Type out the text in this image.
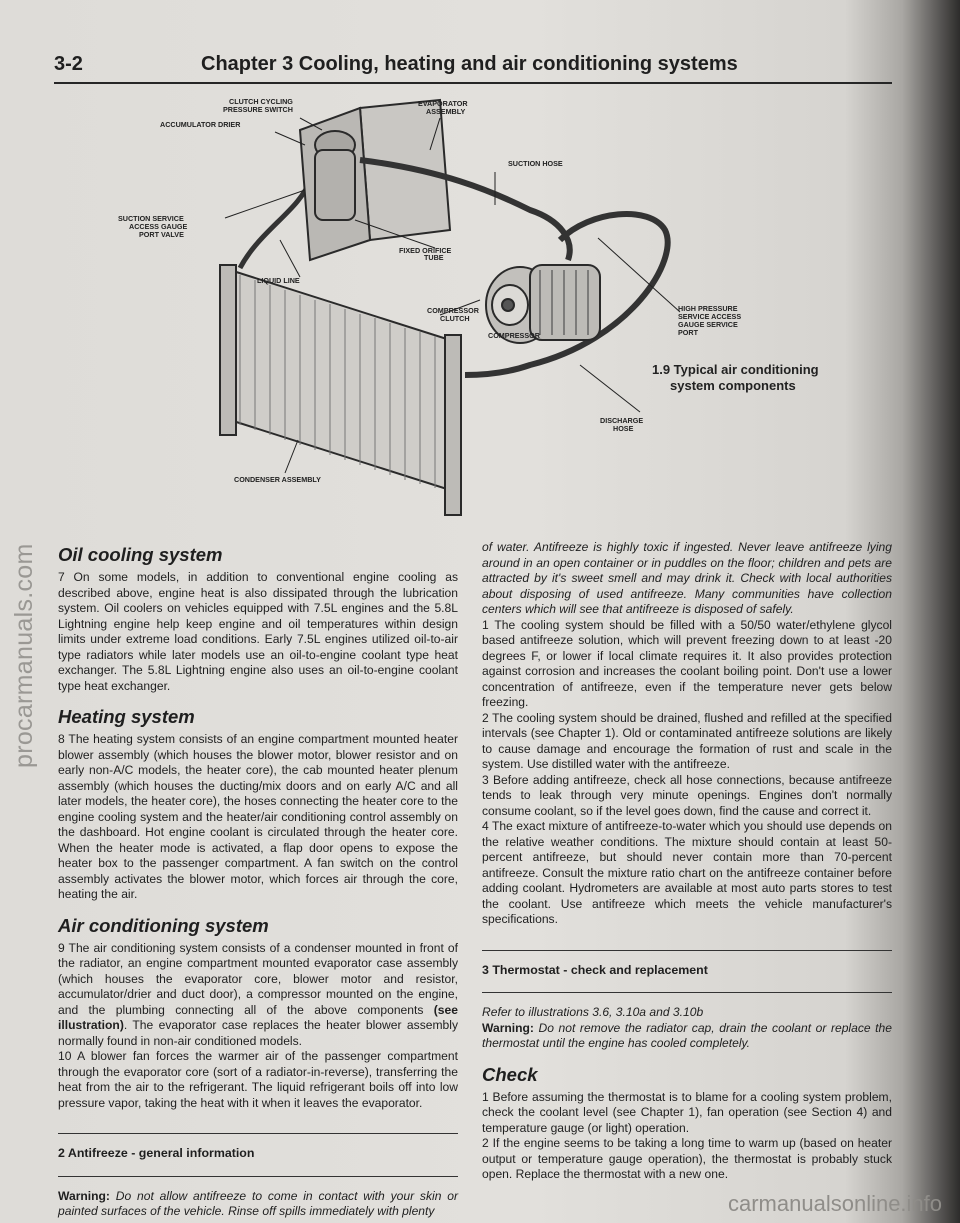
3-2	Chapter 3 Cooling, heating and air conditioning systems
CLUTCH CYCLING
PRESSURE SWITCH
ACCUMULATOR DRIER
EVAPORATOR
ASSEMBLY
SUCTION HOSE
SUCTION SERVICE
ACCESS GAUGE
PORT VALVE
FIXED ORIFICE
TUBE
LIQUID LINE
COMPRESSOR
CLUTCH
COMPRESSOR
HIGH PRESSURE
SERVICE ACCESS
GAUGE SERVICE
PORT
DISCHARGE
HOSE
CONDENSER ASSEMBLY
1.9 Typical air conditioning
system components
Oil cooling system

7 On some models, in addition to conventional engine cooling as described above, engine heat is also dissipated through the lubrication system. Oil coolers on vehicles equipped with 7.5L engines and the 5.8L Lightning engine help keep engine and oil temperatures within design limits under extreme load conditions. Early 7.5L engines utilized oil-to-air type radiators while later models use an oil-to-engine coolant type heat exchanger. The 5.8L Lightning engine also uses an oil-to-engine coolant type heat exchanger.

Heating system

8 The heating system consists of an engine compartment mounted heater blower assembly (which houses the blower motor, blower resistor and on early non-A/C models, the heater core), the cab mounted heater plenum assembly (which houses the ducting/mix doors and on early A/C and all later models, the heater core), the hoses connecting the heater core to the engine cooling system and the heater/air conditioning control assembly on the dashboard. Hot engine coolant is circulated through the heater core. When the heater mode is activated, a flap door opens to expose the heater box to the passenger compartment. A fan switch on the control assembly activates the blower motor, which forces air through the core, heating the air.

Air conditioning system

9 The air conditioning system consists of a condenser mounted in front of the radiator, an engine compartment mounted evaporator case assembly (which houses the evaporator core, blower motor and resistor, accumulator/drier and duct door), a compressor mounted on the engine, and the plumbing connecting all of the above components (see illustration). The evaporator case replaces the heater blower assembly normally found in non-air conditioned models.

10 A blower fan forces the warmer air of the passenger compartment through the evaporator core (sort of a radiator-in-reverse), transferring the heat from the air to the refrigerant. The liquid refrigerant boils off into low pressure vapor, taking the heat with it when it leaves the evaporator.

2 Antifreeze - general information

Warning: Do not allow antifreeze to come in contact with your skin or painted surfaces of the vehicle. Rinse off spills immediately with plenty

of water. Antifreeze is highly toxic if ingested. Never leave antifreeze lying around in an open container or in puddles on the floor; children and pets are attracted by it's sweet smell and may drink it. Check with local authorities about disposing of used antifreeze. Many communities have collection centers which will see that antifreeze is disposed of safely.

1 The cooling system should be filled with a 50/50 water/ethylene glycol based antifreeze solution, which will prevent freezing down to at least -20 degrees F, or lower if local climate requires it. It also provides protection against corrosion and increases the coolant boiling point. Don't use a lower concentration of antifreeze, even if the temperature never gets below freezing.

2 The cooling system should be drained, flushed and refilled at the specified intervals (see Chapter 1). Old or contaminated antifreeze solutions are likely to cause damage and encourage the formation of rust and scale in the system. Use distilled water with the antifreeze.

3 Before adding antifreeze, check all hose connections, because antifreeze tends to leak through very minute openings. Engines don't normally consume coolant, so if the level goes down, find the cause and correct it.

4 The exact mixture of antifreeze-to-water which you should use depends on the relative weather conditions. The mixture should contain at least 50-percent antifreeze, but should never contain more than 70-percent antifreeze. Consult the mixture ratio chart on the antifreeze container before adding coolant. Hydrometers are available at most auto parts stores to test the coolant. Use antifreeze which meets the vehicle manufacturer's specifications.

3 Thermostat - check and replacement

Refer to illustrations 3.6, 3.10a and 3.10b

Warning: Do not remove the radiator cap, drain the coolant or replace the thermostat until the engine has cooled completely.

Check

1 Before assuming the thermostat is to blame for a cooling system problem, check the coolant level (see Chapter 1), fan operation (see Section 4) and temperature gauge (or light) operation.

2 If the engine seems to be taking a long time to warm up (based on heater output or temperature gauge operation), the thermostat is probably stuck open. Replace the thermostat with a new one.

procarmanuals.com
carmanualsonline.info
